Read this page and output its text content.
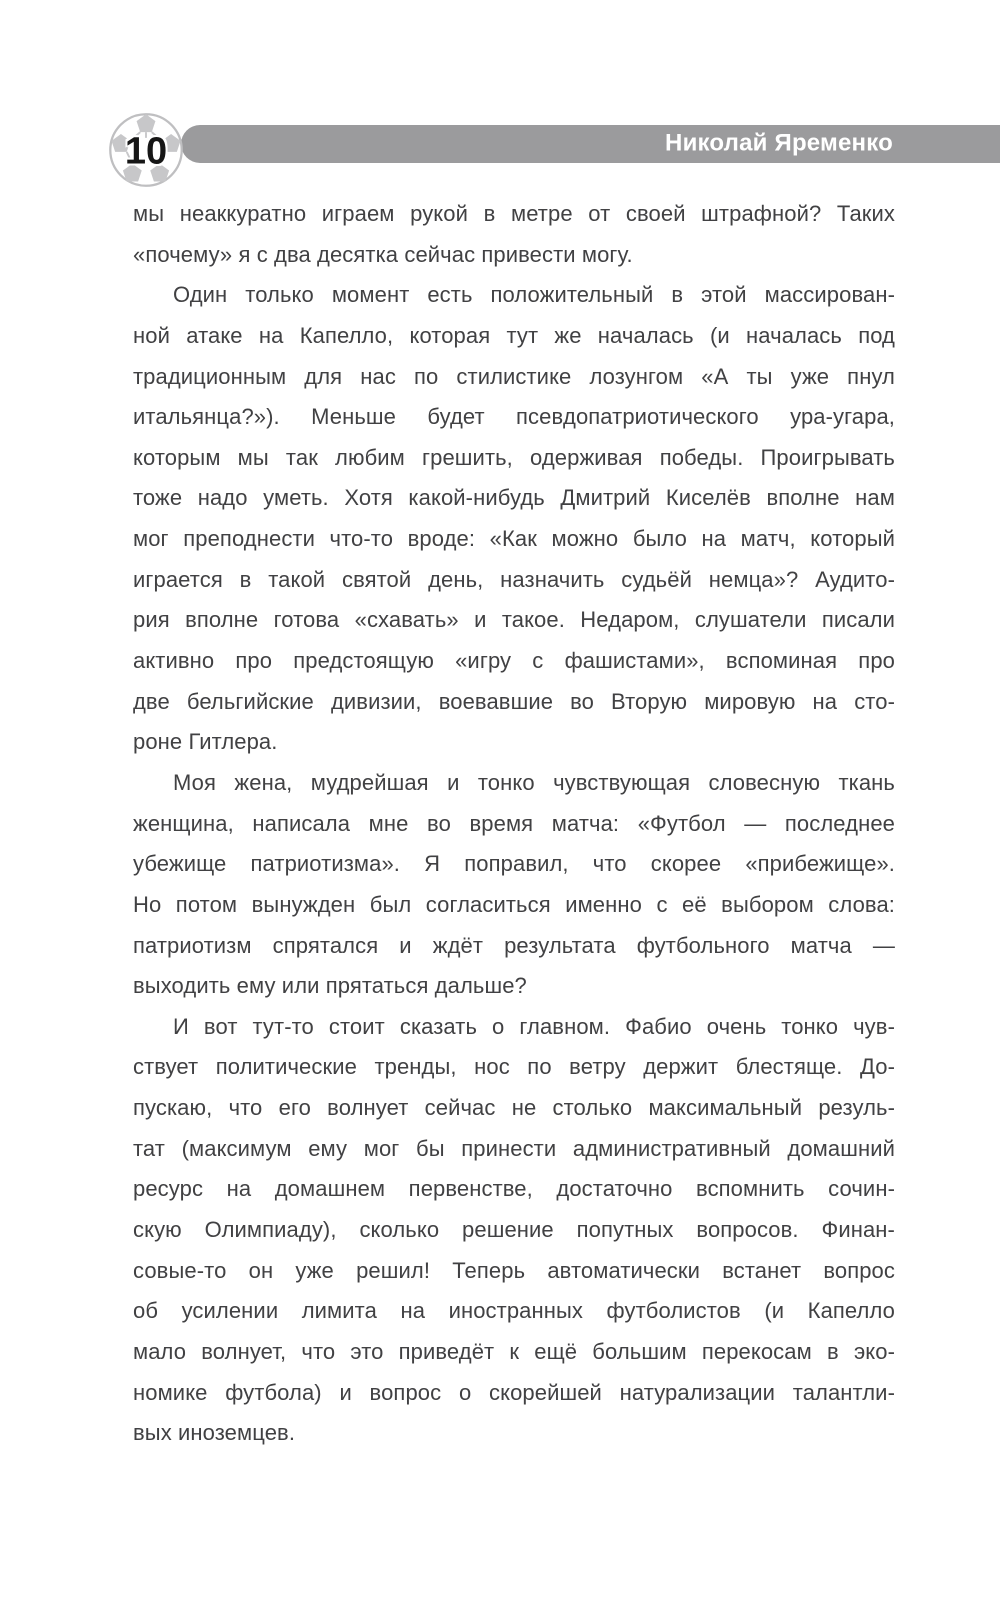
Николай Яременко
10
мы неаккуратно играем рукой в метре от своей штрафной? Таких
«почему» я с два десятка сейчас привести могу.
Один только момент есть положительный в этой массирован-
ной атаке на Капелло, которая тут же началась (и началась под
традиционным для нас по стилистике лозунгом «А ты уже пнул
итальянца?»). Меньше будет псевдопатриотического ура-угара,
которым мы так любим грешить, одерживая победы. Проигрывать
тоже надо уметь. Хотя какой-нибудь Дмитрий Киселёв вполне нам
мог преподнести что-то вроде: «Как можно было на матч, который
играется в такой святой день, назначить судьёй немца»? Аудито-
рия вполне готова «схавать» и такое. Недаром, слушатели писали
активно про предстоящую «игру с фашистами», вспоминая про
две бельгийские дивизии, воевавшие во Вторую мировую на сто-
роне Гитлера.
Моя жена, мудрейшая и тонко чувствующая словесную ткань
женщина, написала мне во время матча: «Футбол — последнее
убежище патриотизма». Я поправил, что скорее «прибежище».
Но потом вынужден был согласиться именно с её выбором слова:
патриотизм спрятался и ждёт результата футбольного матча —
выходить ему или прятаться дальше?
И вот тут-то стоит сказать о главном. Фабио очень тонко чув-
ствует политические тренды, нос по ветру держит блестяще. До-
пускаю, что его волнует сейчас не столько максимальный резуль-
тат (максимум ему мог бы принести административный домашний
ресурс на домашнем первенстве, достаточно вспомнить сочин-
скую Олимпиаду), сколько решение попутных вопросов. Финан-
совые-то он уже решил! Теперь автоматически встанет вопрос
об усилении лимита на иностранных футболистов (и Капелло
мало волнует, что это приведёт к ещё большим перекосам в эко-
номике футбола) и вопрос о скорейшей натурализации талантли-
вых иноземцев.
